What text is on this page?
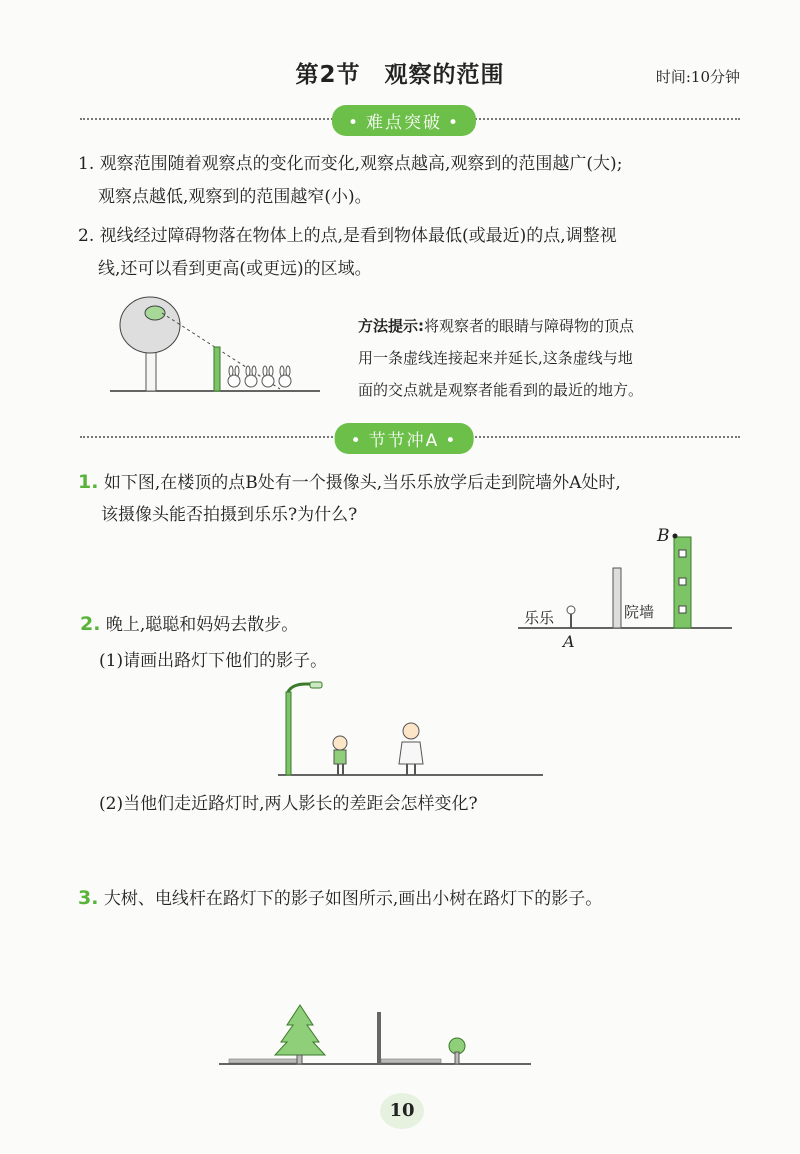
第2节　观察的范围	时间:10分钟
• 难点突破 •
1. 观察范围随着观察点的变化而变化,观察点越高,观察到的范围越广(大);
观察点越低,观察到的范围越窄(小)。
2. 视线经过障碍物落在物体上的点,是看到物体最低(或最近)的点,调整视
线,还可以看到更高(或更远)的区域。
方法提示:将观察者的眼睛与障碍物的顶点
用一条虚线连接起来并延长,这条虚线与地
面的交点就是观察者能看到的最近的地方。
• 节节冲A •
1. 如下图,在楼顶的点B处有一个摄像头,当乐乐放学后走到院墙外A处时,
该摄像头能否拍摄到乐乐?为什么?
B
乐乐
A
院墙
2. 晚上,聪聪和妈妈去散步。
(1)请画出路灯下他们的影子。
(2)当他们走近路灯时,两人影长的差距会怎样变化?
3. 大树、电线杆在路灯下的影子如图所示,画出小树在路灯下的影子。
10
